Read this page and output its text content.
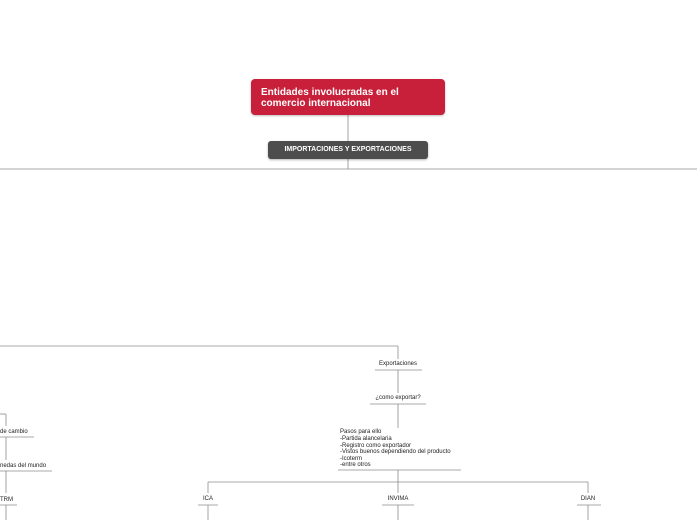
Entidades involucradas en el comercio internacional
IMPORTACIONES Y EXPORTACIONES
de cambio
nedas del mundo
TRM
Exportaciones
¿como exportar?
Pasos para ello
-Partida alancelaria
-Registro como exportador
-Vistos buenos dependiendo del producto
-Icoterm
-entre otros
ICA	INVIMA	DIAN
